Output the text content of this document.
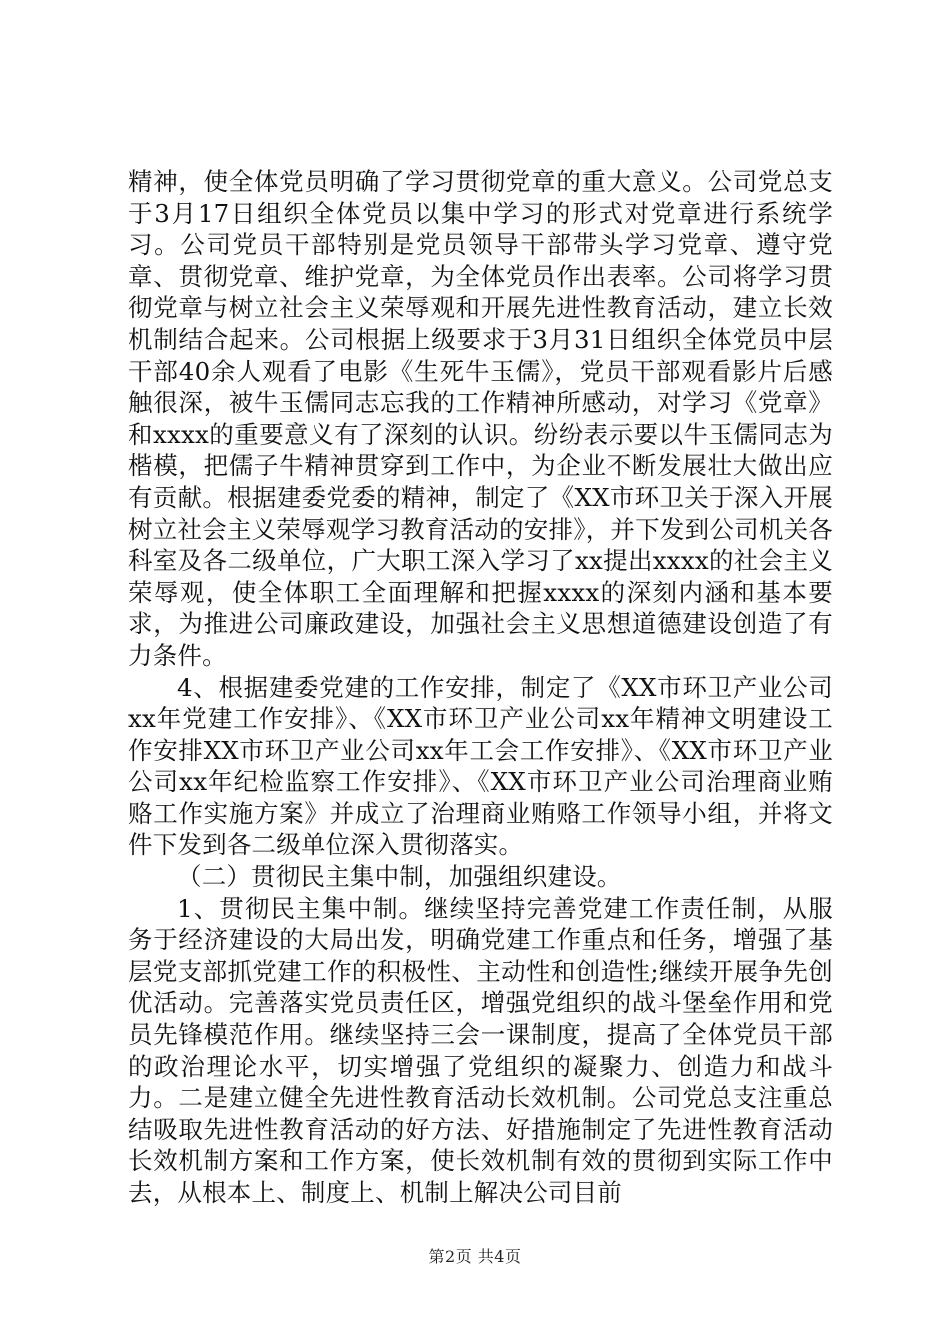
精神，使全体党员明确了学习贯彻党章的重大意义。公司党总支于3月17日组织全体党员以集中学习的形式对党章进行系统学习。公司党员干部特别是党员领导干部带头学习党章、遵守党章、贯彻党章、维护党章，为全体党员作出表率。公司将学习贯彻党章与树立社会主义荣辱观和开展先进性教育活动，建立长效机制结合起来。公司根据上级要求于3月31日组织全体党员中层干部40余人观看了电影《生死牛玉儒》，党员干部观看影片后感触很深，被牛玉儒同志忘我的工作精神所感动，对学习《党章》和xxxx的重要意义有了深刻的认识。纷纷表示要以牛玉儒同志为楷模，把儒子牛精神贯穿到工作中，为企业不断发展壮大做出应有贡献。根据建委党委的精神，制定了《XX市环卫关于深入开展树立社会主义荣辱观学习教育活动的安排》，并下发到公司机关各科室及各二级单位，广大职工深入学习了xx提出xxxx的社会主义荣辱观，使全体职工全面理解和把握xxxx的深刻内涵和基本要求，为推进公司廉政建设，加强社会主义思想道德建设创造了有力条件。

4、根据建委党建的工作安排，制定了《XX市环卫产业公司xx年党建工作安排》、《XX市环卫产业公司xx年精神文明建设工作安排XX市环卫产业公司xx年工会工作安排》、《XX市环卫产业公司xx年纪检监察工作安排》、《XX市环卫产业公司治理商业贿赂工作实施方案》并成立了治理商业贿赂工作领导小组，并将文件下发到各二级单位深入贯彻落实。

（二）贯彻民主集中制，加强组织建设。

1、贯彻民主集中制。继续坚持完善党建工作责任制，从服务于经济建设的大局出发，明确党建工作重点和任务，增强了基层党支部抓党建工作的积极性、主动性和创造性;继续开展争先创优活动。完善落实党员责任区，增强党组织的战斗堡垒作用和党员先锋模范作用。继续坚持三会一课制度，提高了全体党员干部的政治理论水平，切实增强了党组织的凝聚力、创造力和战斗力。二是建立健全先进性教育活动长效机制。公司党总支注重总结吸取先进性教育活动的好方法、好措施制定了先进性教育活动长效机制方案和工作方案，使长效机制有效的贯彻到实际工作中去，从根本上、制度上、机制上解决公司目前

第2页 共4页
